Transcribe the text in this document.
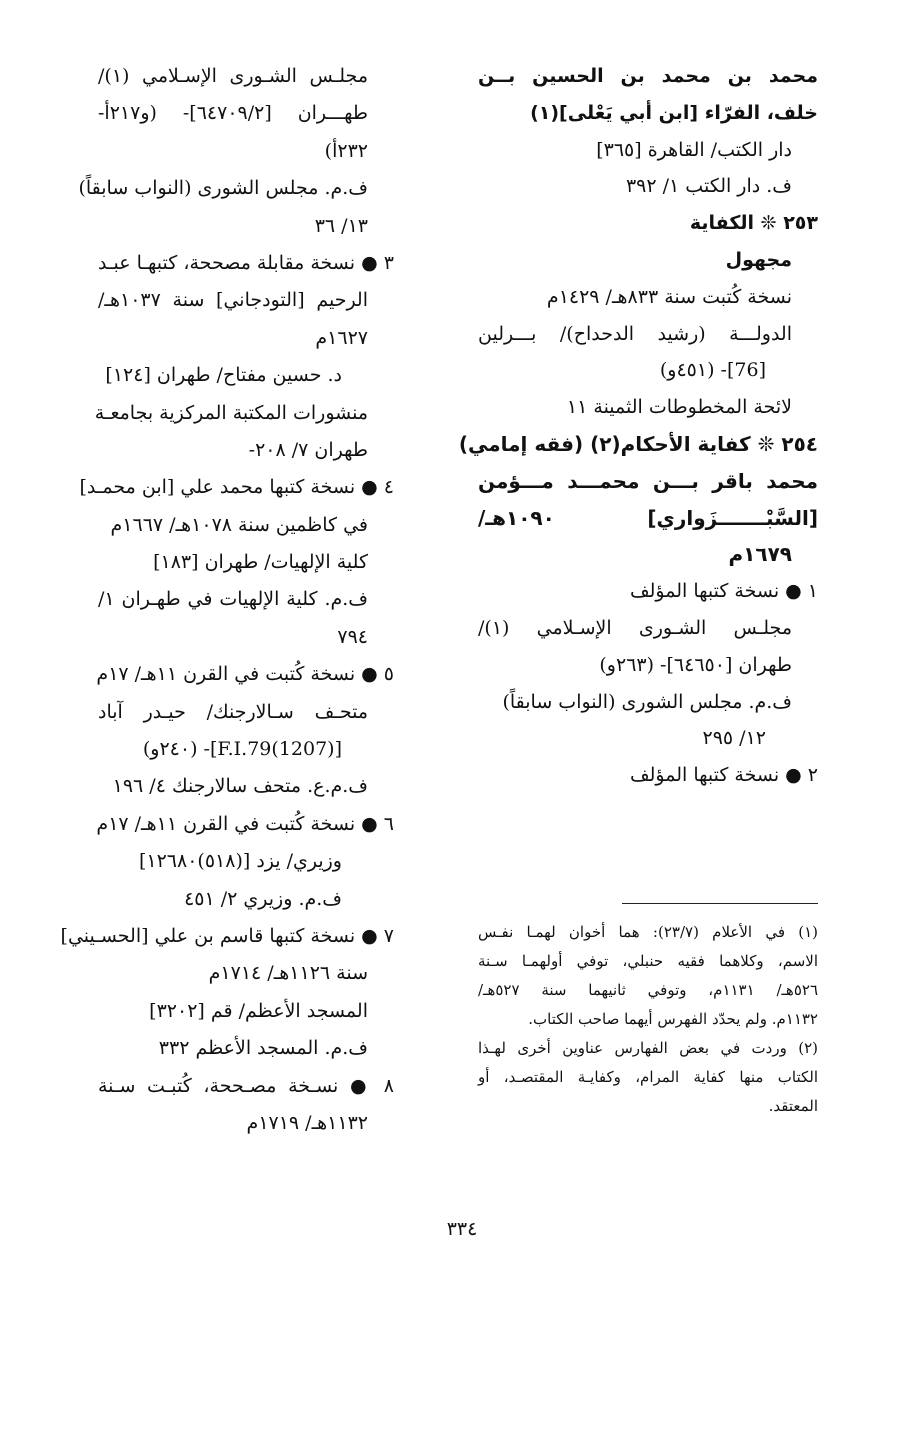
محمد بن محمد بن الحسين بــن
خلف، الفرّاء [ابن أبي يَعْلى](١)
دار الكتب/ القاهرة [٣٦٥]
ف. دار الكتب ١/ ٣٩٢
٢٥٣ ❊ الكفاية
مجهول
نسخة كُتبت سنة ٨٣٣هـ/ ١٤٢٩م
الدولـــة (رشيد الدحداح)/ بـــرلين
[76]- (٤٥١و)
لائحة المخطوطات الثمينة ١١
٢٥٤ ❊ كفاية الأحكام(٢) (فقه إمامي)
محمد باقر بـــن محمـــد مـــؤمن
[السَّبْـــــــزَواري] ١٠٩٠هـ/
١٦٧٩م
١ ● نسخة كتبها المؤلف
مجلـس الشـورى الإسـلامي (١)/
طهران [٦٤٦٥٠]- (٢٦٣و)
ف.م. مجلس الشورى (النواب سابقاً)
١٢/ ٢٩٥
٢ ● نسخة كتبها المؤلف
مجلـس الشـورى الإسـلامي (١)/
طهـــران [٦٤٧٠٩/٢]- (و٢١٧أ-
٢٣٢أ)
ف.م. مجلس الشورى (النواب سابقاً)
١٣/ ٣٦
٣ ● نسخة مقابلة مصححة، كتبهـا عبـد
الرحيم [التودجاني] سنة ١٠٣٧هـ/
١٦٢٧م
د. حسين مفتاح/ طهران [١٢٤]
منشورات المكتبة المركزية بجامعـة
طهران ٧/ ٢٠٨-
٤ ● نسخة كتبها محمد علي [ابن محمـد]
في كاظمين سنة ١٠٧٨هـ/ ١٦٦٧م
كلية الإلهيات/ طهران [١٨٣]
ف.م. كلية الإلهيات في طهـران ١/
٧٩٤
٥ ● نسخة كُتبت في القرن ١١هـ/ ١٧م
متحـف سـالارجنك/ حيـدر آباد
[(1207)F.I.79]- (٢٤٠و)
ف.م.ع. متحف سالارجنك ٤/ ١٩٦
٦ ● نسخة كُتبت في القرن ١١هـ/ ١٧م
وزيري/ يزد [(٥١٨)١٢٦٨٠]
ف.م. وزيري ٢/ ٤٥١
٧ ● نسخة كتبها قاسم بن علي [الحسـيني]
سنة ١١٢٦هـ/ ١٧١٤م
المسجد الأعظم/ قم [٣٢٠٢]
ف.م. المسجد الأعظم ٣٣٢
٨ ● نسـخة مصـححة، كُتبـت سـنة
١١٣٢هـ/ ١٧١٩م
(١) في الأعلام (٢٣/٧): هما أخوان لهمـا نفـس
الاسم، وكلاهما فقيه حنبلي، توفي أولهمـا سـنة
٥٢٦هـ/ ١١٣١م، وتوفي ثانيهما سنة ٥٢٧هـ/
١١٣٢م. ولم يحدّد الفهرس أيهما صاحب الكتاب.
(٢) وردت في بعض الفهارس عناوين أخرى لهـذا
الكتاب منها كفاية المرام، وكفايـة المقتصـد، أو
المعتقد.
٣٣٤
